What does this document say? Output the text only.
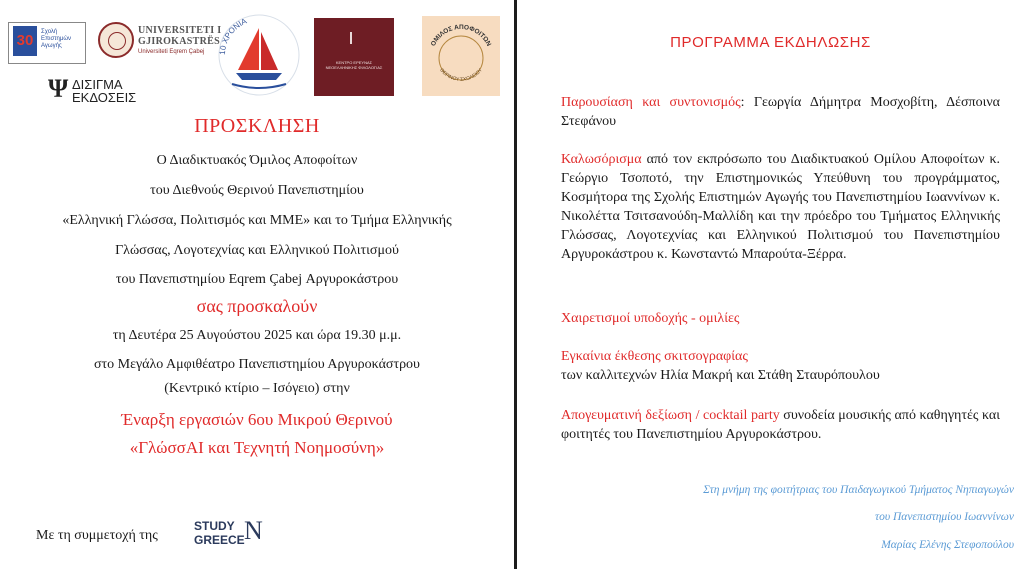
30	Σχολή Επιστημών Αγωγής
UNIVERSITETI I
GJIROKASTRËS
Universiteti Eqrem Çabej 10 ΧΡΟΝΙΑ
ΚΕΝΤΡΟ ΕΡΕΥΝΑΣ ΝΕΟΕΛΛΗΝΙΚΗΣ ΦΙΛΟΛΟΓΙΑΣ
ΟΜΙΛΟΣ ΑΠΟΦΟΙΤΩΝ
ΘΕΡΙΝΟΥ ΣΧΟΛΕΙΟΥ
Ψ ΔΙΣΙΓΜΑ
ΕΚΔΟΣΕΙΣ
ΠΡΟΣΚΛΗΣΗ
Ο Διαδικτυακός Όμιλος Αποφοίτων
του Διεθνούς Θερινού Πανεπιστημίου
«Ελληνική Γλώσσα, Πολιτισμός και ΜΜΕ» και το Τμήμα Ελληνικής
Γλώσσας, Λογοτεχνίας και Ελληνικού Πολιτισμού
του Πανεπιστημίου Eqrem Çabej Αργυροκάστρου
σας προσκαλούν
τη Δευτέρα 25 Αυγούστου 2025 και ώρα 19.30 μ.μ.
στο Μεγάλο Αμφιθέατρο Πανεπιστημίου Αργυροκάστρου
(Κεντρικό κτίριο – Ισόγειο) στην
Έναρξη εργασιών 6ου Μικρού Θερινού
«ΓλώσσΑΙ και Τεχνητή Νοημοσύνη»
Με τη συμμετοχή της
STUDY
GREECE N
ΠΡΟΓΡΑΜΜΑ ΕΚΔΗΛΩΣΗΣ
Παρουσίαση και συντονισμός: Γεωργία Δήμητρα Μοσχοβίτη, Δέσποινα Στεφάνου
Καλωσόρισμα από τον εκπρόσωπο του Διαδικτυακού Ομίλου Αποφοίτων κ. Γεώργιο Τσοποτό, την Επιστημονικώς Υπεύθυνη του προγράμματος, Κοσμήτορα της Σχολής Επιστημών Αγωγής του Πανεπιστημίου Ιωαννίνων κ. Νικολέττα Τσιτσανούδη-Μαλλίδη και την πρόεδρο του Τμήματος Ελληνικής Γλώσσας, Λογοτεχνίας και Ελληνικού Πολιτισμού του Πανεπιστημίου Αργυροκάστρου κ. Κωνσταντώ Μπαρούτα-Ξέρρα.
Χαιρετισμοί υποδοχής - ομιλίες
Εγκαίνια έκθεσης σκιτσογραφίας
των καλλιτεχνών Ηλία Μακρή και Στάθη Σταυρόπουλου
Απογευματινή δεξίωση / cocktail party συνοδεία μουσικής από καθηγητές και φοιτητές του Πανεπιστημίου Αργυροκάστρου.
Στη μνήμη της φοιτήτριας του Παιδαγωγικού Τμήματος Νηπιαγωγών
του Πανεπιστημίου Ιωαννίνων
Μαρίας Ελένης Στεφοπούλου
